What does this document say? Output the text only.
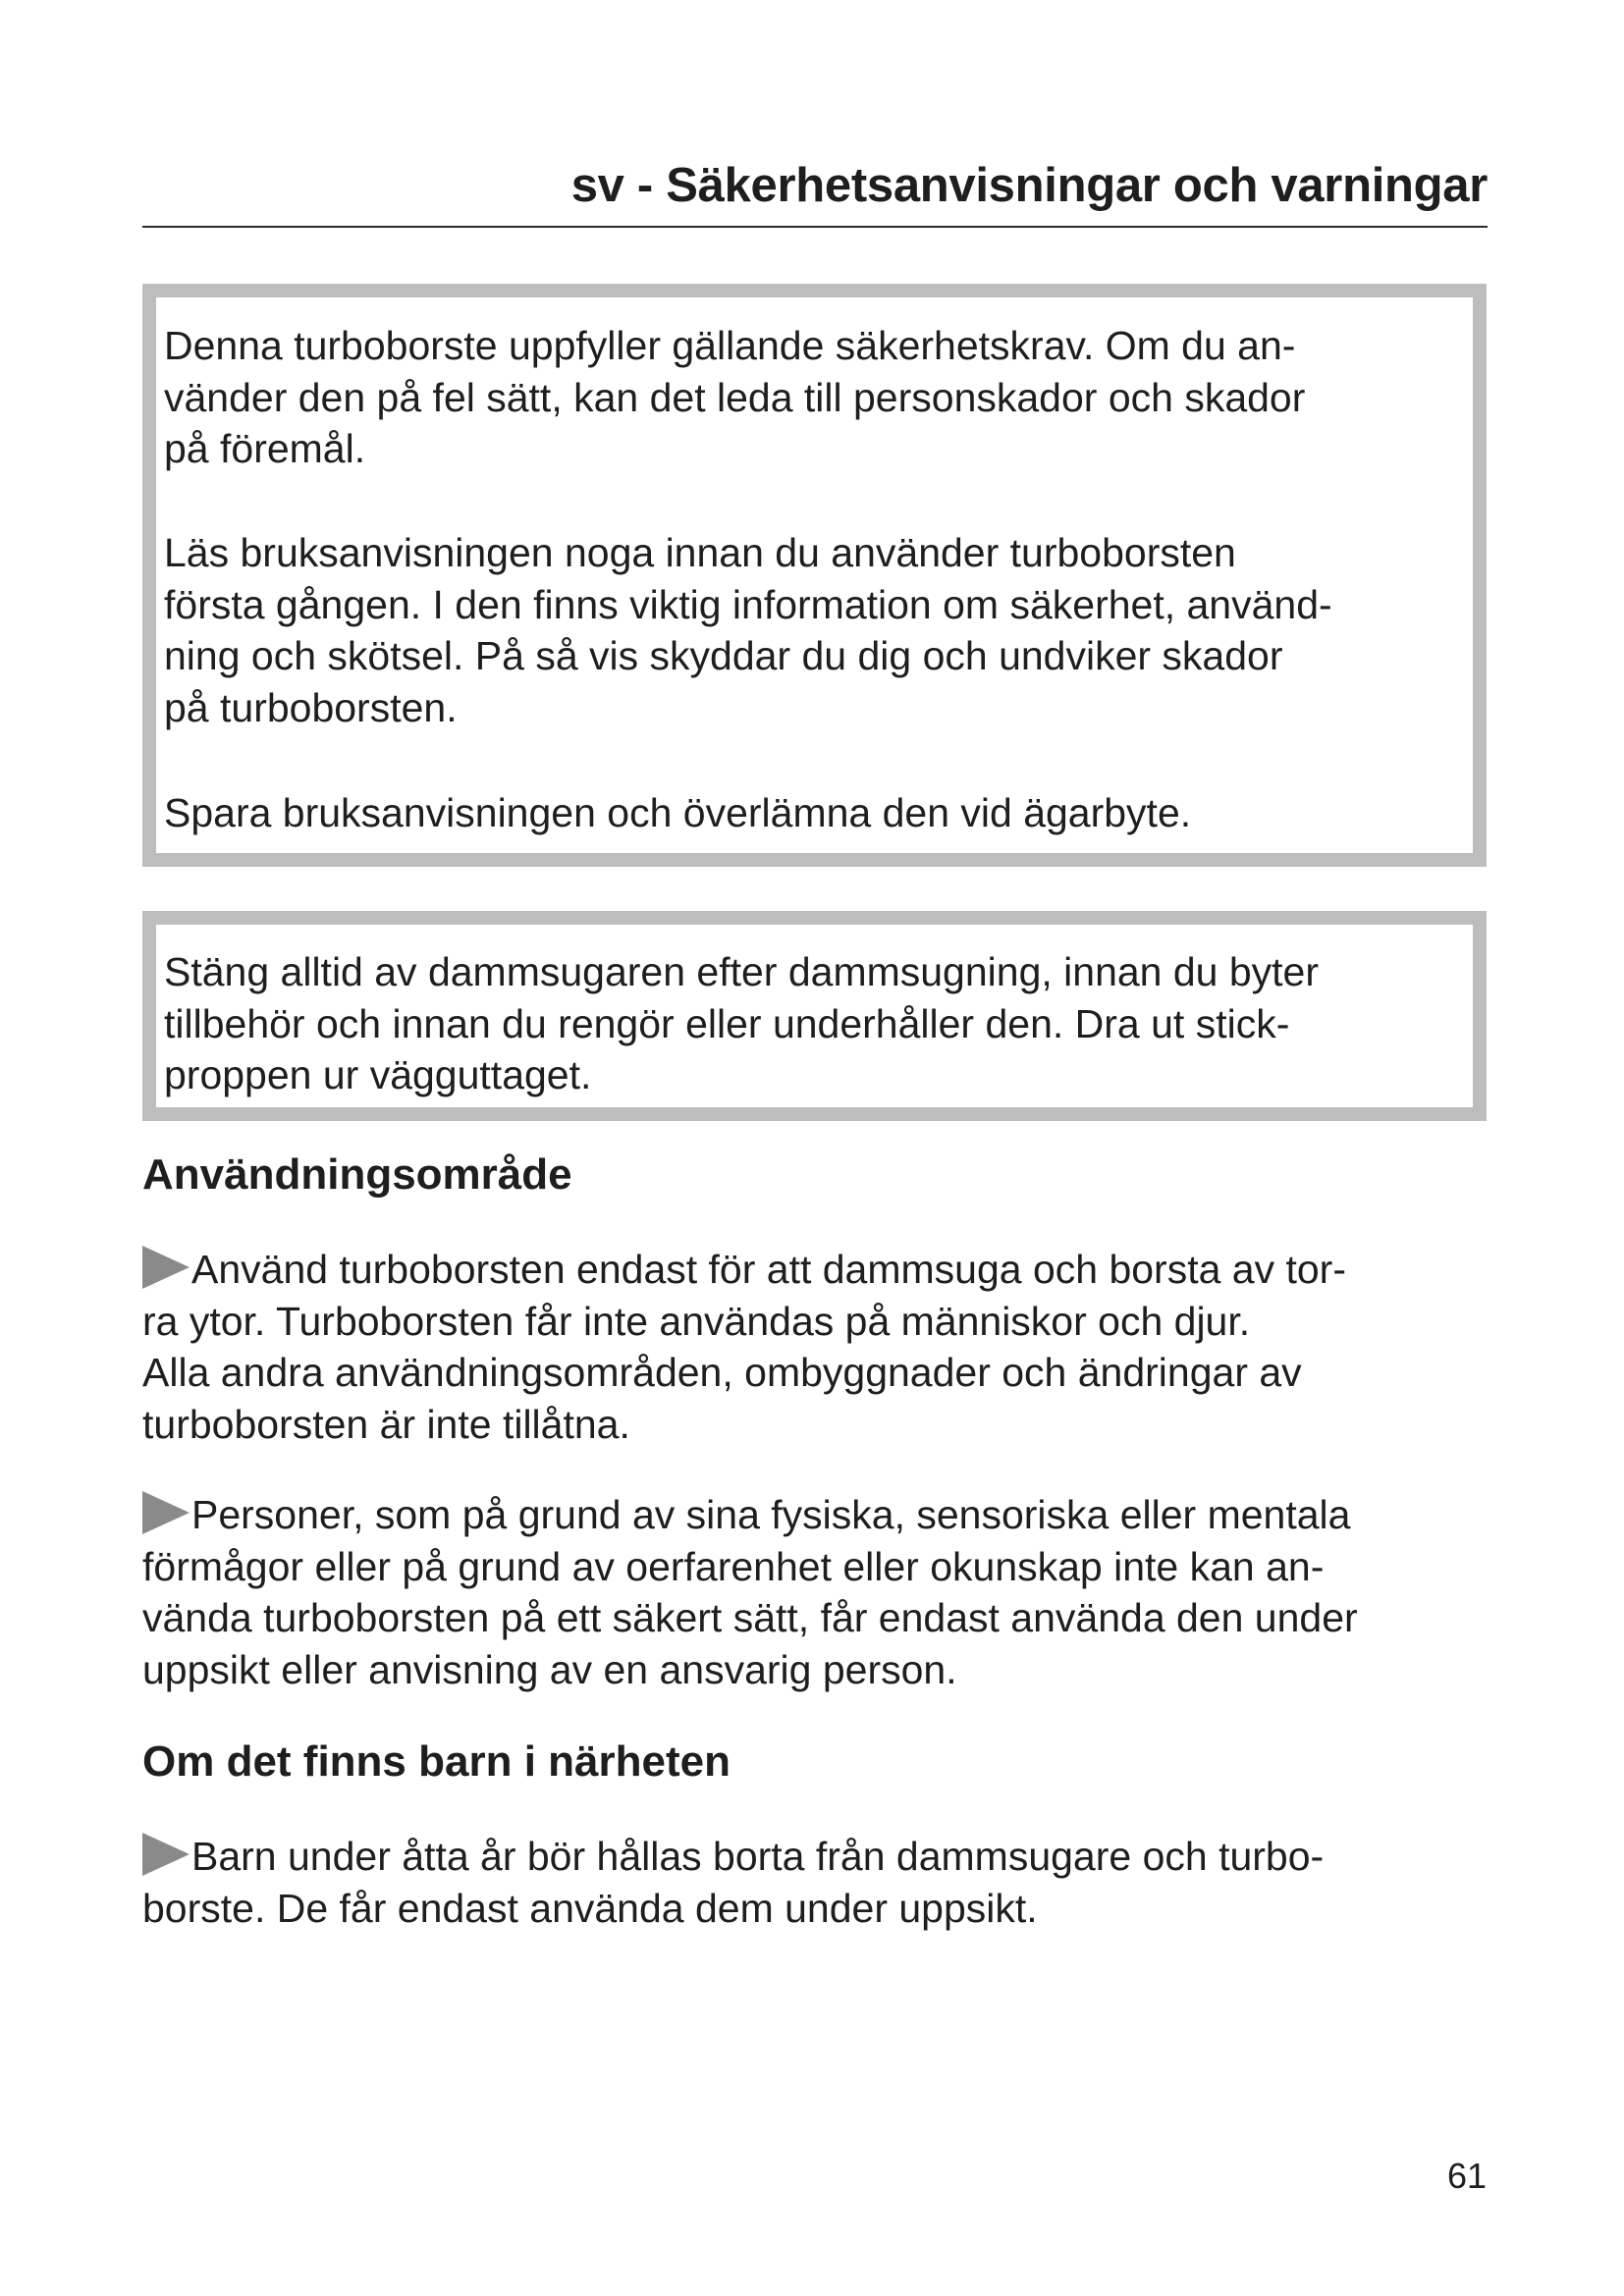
sv - Säkerhetsanvisningar och varningar
Denna turboborste uppfyller gällande säkerhetskrav. Om du an-
vänder den på fel sätt, kan det leda till personskador och skador
på föremål.
Läs bruksanvisningen noga innan du använder turboborsten
första gången. I den finns viktig information om säkerhet, använd-
ning och skötsel. På så vis skyddar du dig och undviker skador
på turboborsten.
Spara bruksanvisningen och överlämna den vid ägarbyte.
Stäng alltid av dammsugaren efter dammsugning, innan du byter
tillbehör och innan du rengör eller underhåller den. Dra ut stick-
proppen ur vägguttaget.
Användningsområde
Använd turboborsten endast för att dammsuga och borsta av tor-
ra ytor. Turboborsten får inte användas på människor och djur.
Alla andra användningsområden, ombyggnader och ändringar av
turboborsten är inte tillåtna.
Personer, som på grund av sina fysiska, sensoriska eller mentala
förmågor eller på grund av oerfarenhet eller okunskap inte kan an-
vända turboborsten på ett säkert sätt, får endast använda den under
uppsikt eller anvisning av en ansvarig person.
Om det finns barn i närheten
Barn under åtta år bör hållas borta från dammsugare och turbo-
borste. De får endast använda dem under uppsikt.
61
